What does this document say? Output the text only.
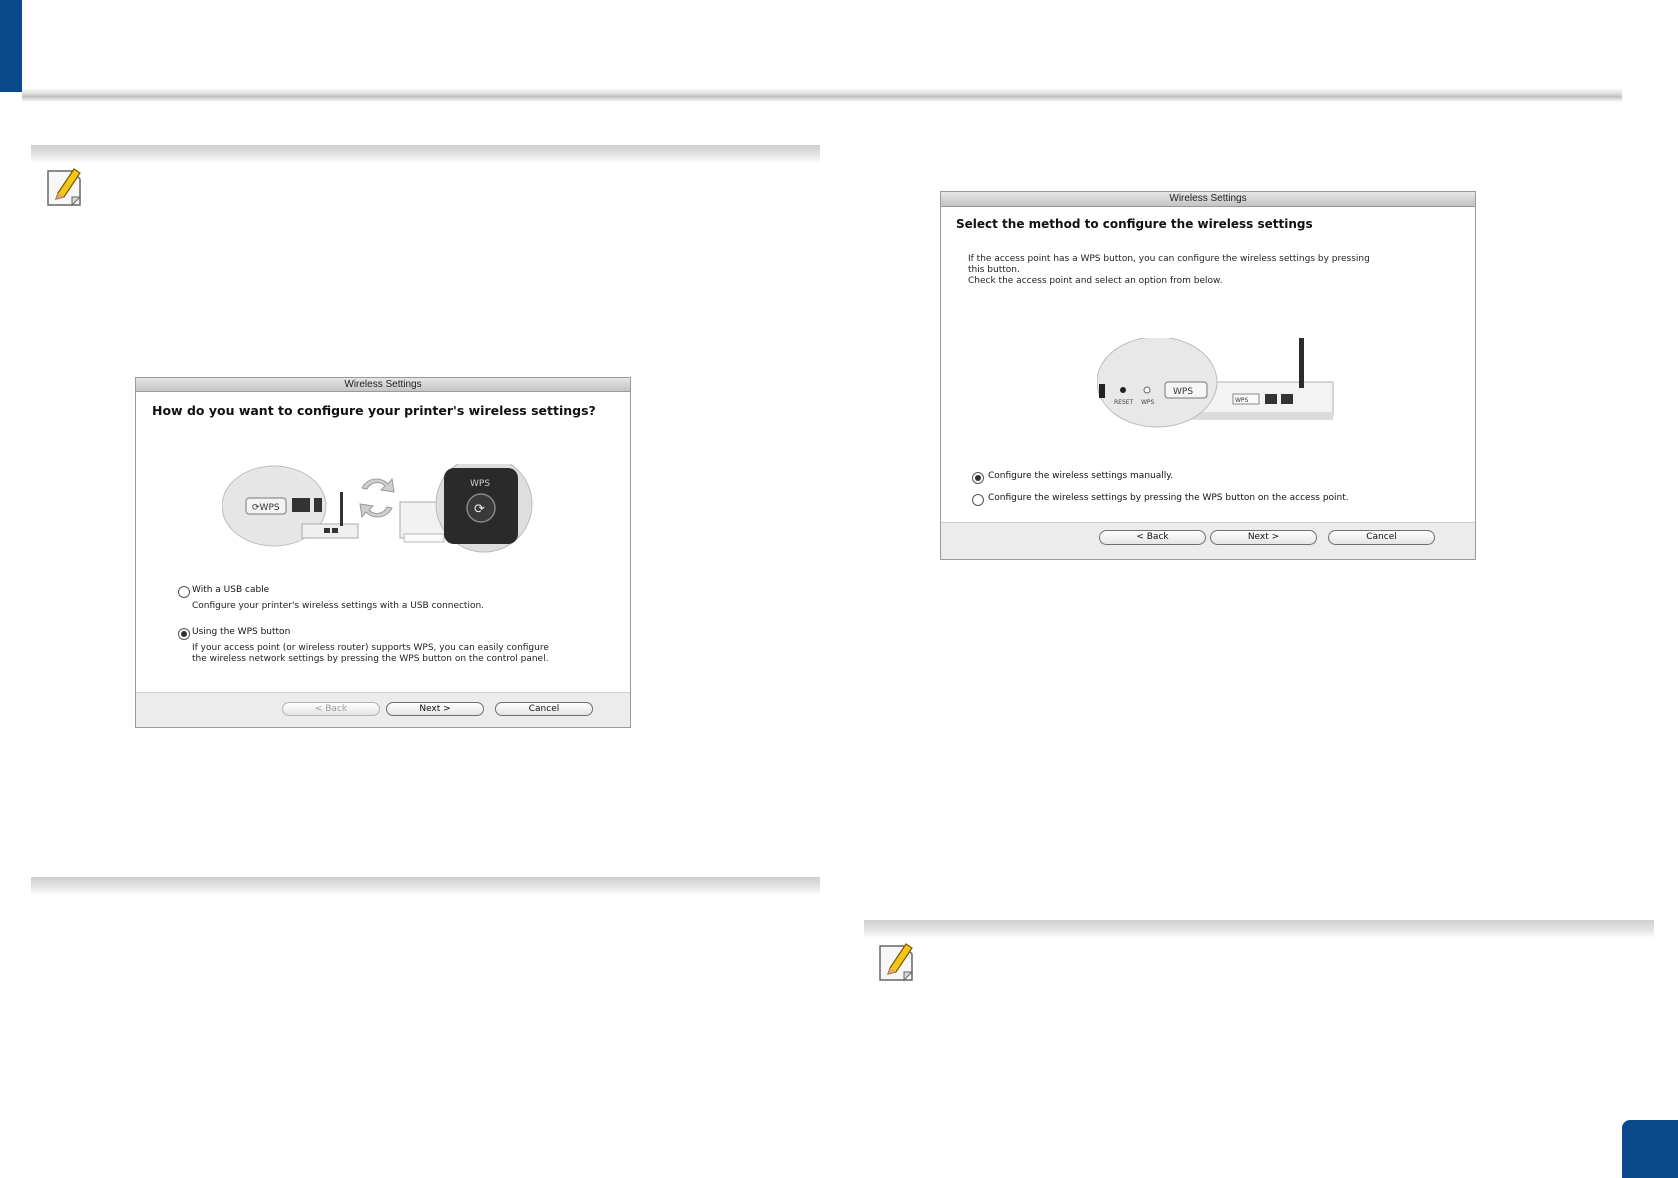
Wireless Settings
How do you want to configure your printer's wireless settings?
⟳WPS
WPS
⟳
With a USB cable
Configure your printer's wireless settings with a USB connection.
Using the WPS button
If your access point (or wireless router) supports WPS, you can easily configure
the wireless network settings by pressing the WPS button on the control panel.
< Back	Next >	Cancel
Wireless Settings
Select the method to configure the wireless settings
If the access point has a WPS button, you can configure the wireless settings by pressing
this button.
Check the access point and select an option from below.
WPS
RESET WPS
WPS
Configure the wireless settings manually.
Configure the wireless settings by pressing the WPS button on the access point.
< Back	Next >	Cancel
